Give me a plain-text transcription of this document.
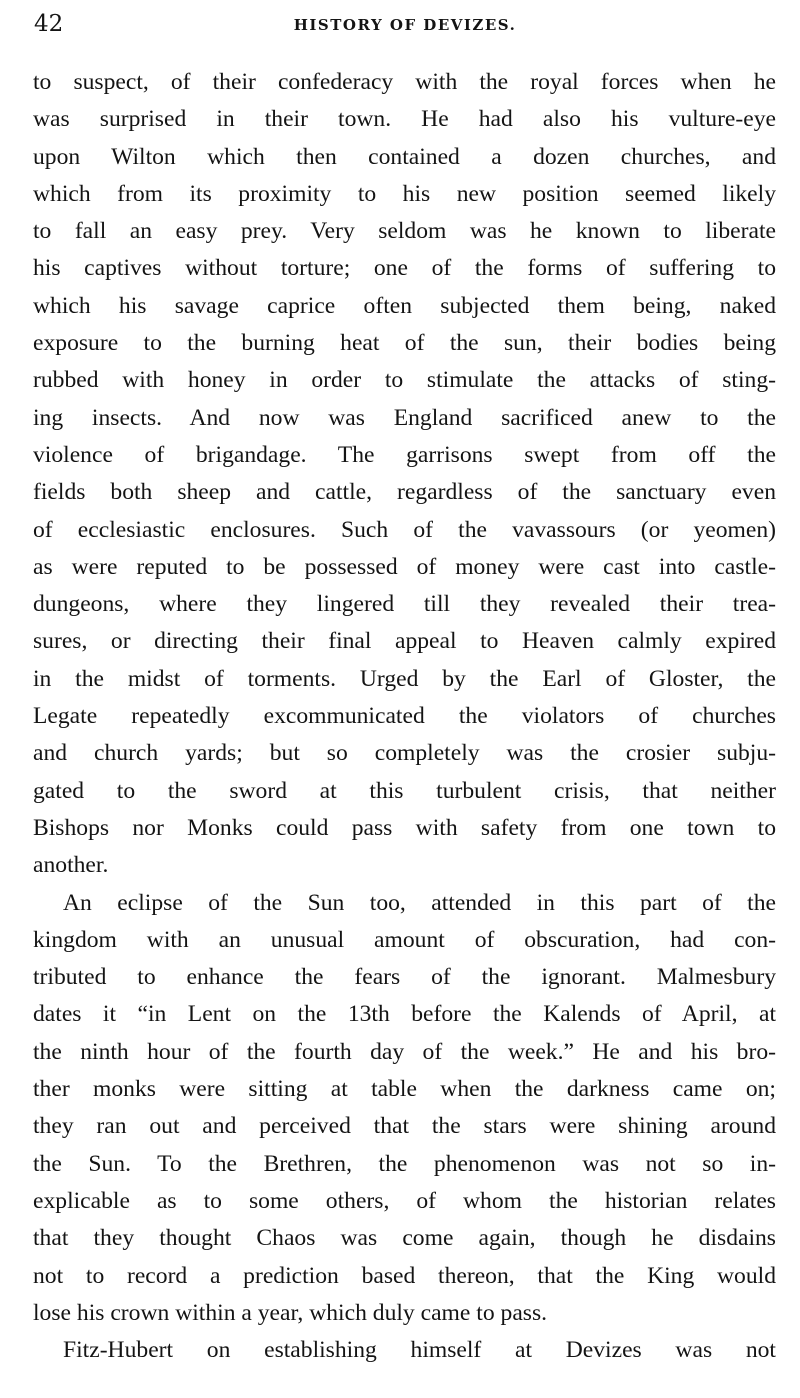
42	HISTORY OF DEVIZES.
to suspect, of their confederacy with the royal forces when he
was surprised in their town. He had also his vulture-eye
upon Wilton which then contained a dozen churches, and
which from its proximity to his new position seemed likely
to fall an easy prey. Very seldom was he known to liberate
his captives without torture; one of the forms of suffering to
which his savage caprice often subjected them being, naked
exposure to the burning heat of the sun, their bodies being
rubbed with honey in order to stimulate the attacks of sting-
ing insects. And now was England sacrificed anew to the
violence of brigandage. The garrisons swept from off the
fields both sheep and cattle, regardless of the sanctuary even
of ecclesiastic enclosures. Such of the vavassours (or yeomen)
as were reputed to be possessed of money were cast into castle-
dungeons, where they lingered till they revealed their trea-
sures, or directing their final appeal to Heaven calmly expired
in the midst of torments. Urged by the Earl of Gloster, the
Legate repeatedly excommunicated the violators of churches
and church yards; but so completely was the crosier subju-
gated to the sword at this turbulent crisis, that neither
Bishops nor Monks could pass with safety from one town to
another.
An eclipse of the Sun too, attended in this part of the
kingdom with an unusual amount of obscuration, had con-
tributed to enhance the fears of the ignorant. Malmesbury
dates it “in Lent on the 13th before the Kalends of April, at
the ninth hour of the fourth day of the week.” He and his bro-
ther monks were sitting at table when the darkness came on;
they ran out and perceived that the stars were shining around
the Sun. To the Brethren, the phenomenon was not so in-
explicable as to some others, of whom the historian relates
that they thought Chaos was come again, though he disdains
not to record a prediction based thereon, that the King would
lose his crown within a year, which duly came to pass.
Fitz-Hubert on establishing himself at Devizes was not
